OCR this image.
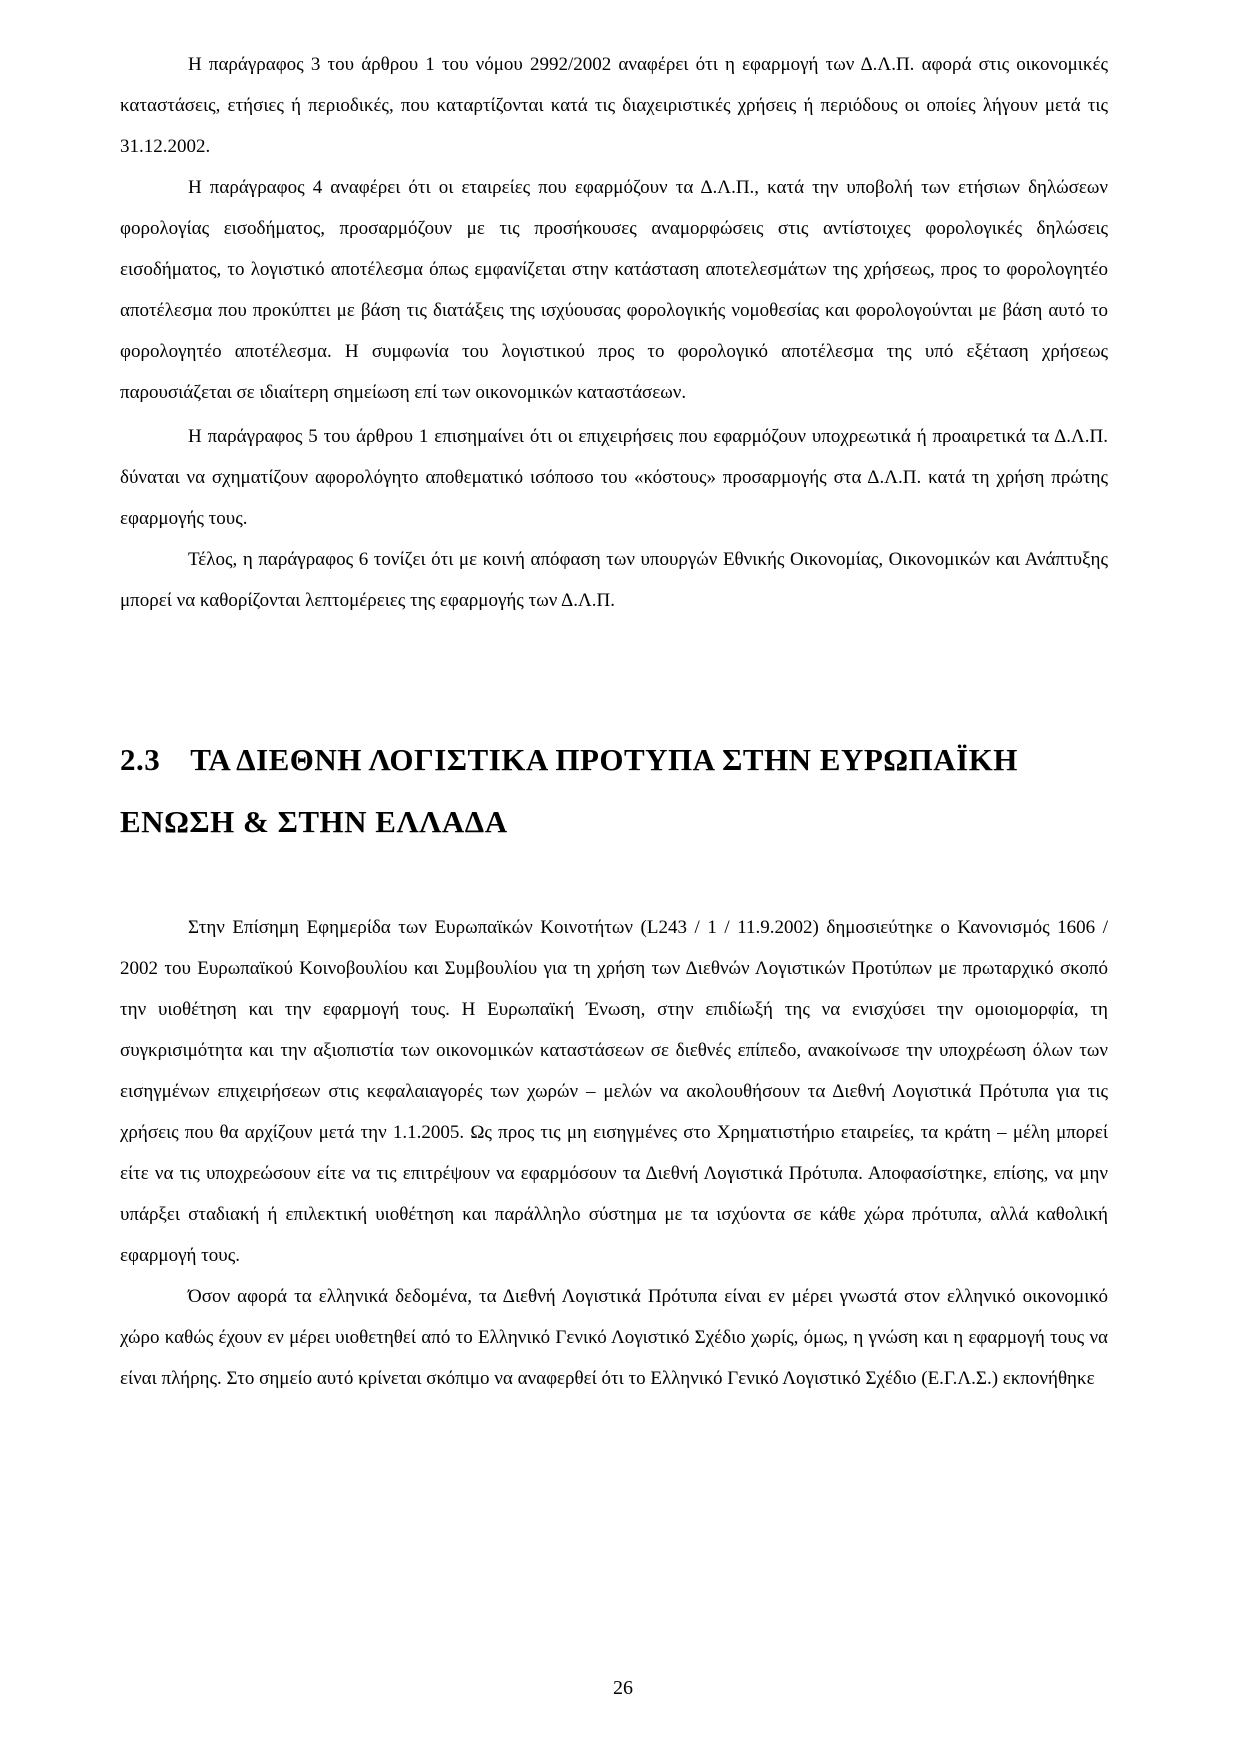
Η παράγραφος 3 του άρθρου 1 του νόμου 2992/2002 αναφέρει ότι η εφαρμογή των Δ.Λ.Π. αφορά στις οικονομικές καταστάσεις, ετήσιες ή περιοδικές, που καταρτίζονται κατά τις διαχειριστικές χρήσεις ή περιόδους οι οποίες λήγουν μετά τις 31.12.2002.

Η παράγραφος 4 αναφέρει ότι οι εταιρείες που εφαρμόζουν τα Δ.Λ.Π., κατά την υποβολή των ετήσιων δηλώσεων φορολογίας εισοδήματος, προσαρμόζουν με τις προσήκουσες αναμορφώσεις στις αντίστοιχες φορολογικές δηλώσεις εισοδήματος, το λογιστικό αποτέλεσμα όπως εμφανίζεται στην κατάσταση αποτελεσμάτων της χρήσεως, προς το φορολογητέο αποτέλεσμα που προκύπτει με βάση τις διατάξεις της ισχύουσας φορολογικής νομοθεσίας και φορολογούνται με βάση αυτό το φορολογητέο αποτέλεσμα. Η συμφωνία του λογιστικού προς το φορολογικό αποτέλεσμα της υπό εξέταση χρήσεως παρουσιάζεται σε ιδιαίτερη σημείωση επί των οικονομικών καταστάσεων.

Η παράγραφος 5 του άρθρου 1 επισημαίνει ότι οι επιχειρήσεις που εφαρμόζουν υποχρεωτικά ή προαιρετικά τα Δ.Λ.Π. δύναται να σχηματίζουν αφορολόγητο αποθεματικό ισόποσο του «κόστους» προσαρμογής στα Δ.Λ.Π. κατά τη χρήση πρώτης εφαρμογής τους.

Τέλος, η παράγραφος 6 τονίζει ότι με κοινή απόφαση των υπουργών Εθνικής Οικονομίας, Οικονομικών και Ανάπτυξης μπορεί να καθορίζονται λεπτομέρειες της εφαρμογής των Δ.Λ.Π.

2.3 ΤΑ ΔΙΕΘΝΗ ΛΟΓΙΣΤΙΚΑ ΠΡΟΤΥΠΑ ΣΤΗΝ ΕΥΡΩΠΑΪΚΗ ΕΝΩΣΗ & ΣΤΗΝ ΕΛΛΑΔΑ

Στην Επίσημη Εφημερίδα των Ευρωπαϊκών Κοινοτήτων (L243 / 1 / 11.9.2002) δημοσιεύτηκε ο Κανονισμός 1606 / 2002 του Ευρωπαϊκού Κοινοβουλίου και Συμβουλίου για τη χρήση των Διεθνών Λογιστικών Προτύπων με πρωταρχικό σκοπό την υιοθέτηση και την εφαρμογή τους. Η Ευρωπαϊκή Ένωση, στην επιδίωξή της να ενισχύσει την ομοιομορφία, τη συγκρισιμότητα και την αξιοπιστία των οικονομικών καταστάσεων σε διεθνές επίπεδο, ανακοίνωσε την υποχρέωση όλων των εισηγμένων επιχειρήσεων στις κεφαλαιαγορές των χωρών – μελών να ακολουθήσουν τα Διεθνή Λογιστικά Πρότυπα για τις χρήσεις που θα αρχίζουν μετά την 1.1.2005. Ως προς τις μη εισηγμένες στο Χρηματιστήριο εταιρείες, τα κράτη – μέλη μπορεί είτε να τις υποχρεώσουν είτε να τις επιτρέψουν να εφαρμόσουν τα Διεθνή Λογιστικά Πρότυπα. Αποφασίστηκε, επίσης, να μην υπάρξει σταδιακή ή επιλεκτική υιοθέτηση και παράλληλο σύστημα με τα ισχύοντα σε κάθε χώρα πρότυπα, αλλά καθολική εφαρμογή τους.

Όσον αφορά τα ελληνικά δεδομένα, τα Διεθνή Λογιστικά Πρότυπα είναι εν μέρει γνωστά στον ελληνικό οικονομικό χώρο καθώς έχουν εν μέρει υιοθετηθεί από το Ελληνικό Γενικό Λογιστικό Σχέδιο χωρίς, όμως, η γνώση και η εφαρμογή τους να είναι πλήρης. Στο σημείο αυτό κρίνεται σκόπιμο να αναφερθεί ότι το Ελληνικό Γενικό Λογιστικό Σχέδιο (Ε.Γ.Λ.Σ.) εκπονήθηκε

26
